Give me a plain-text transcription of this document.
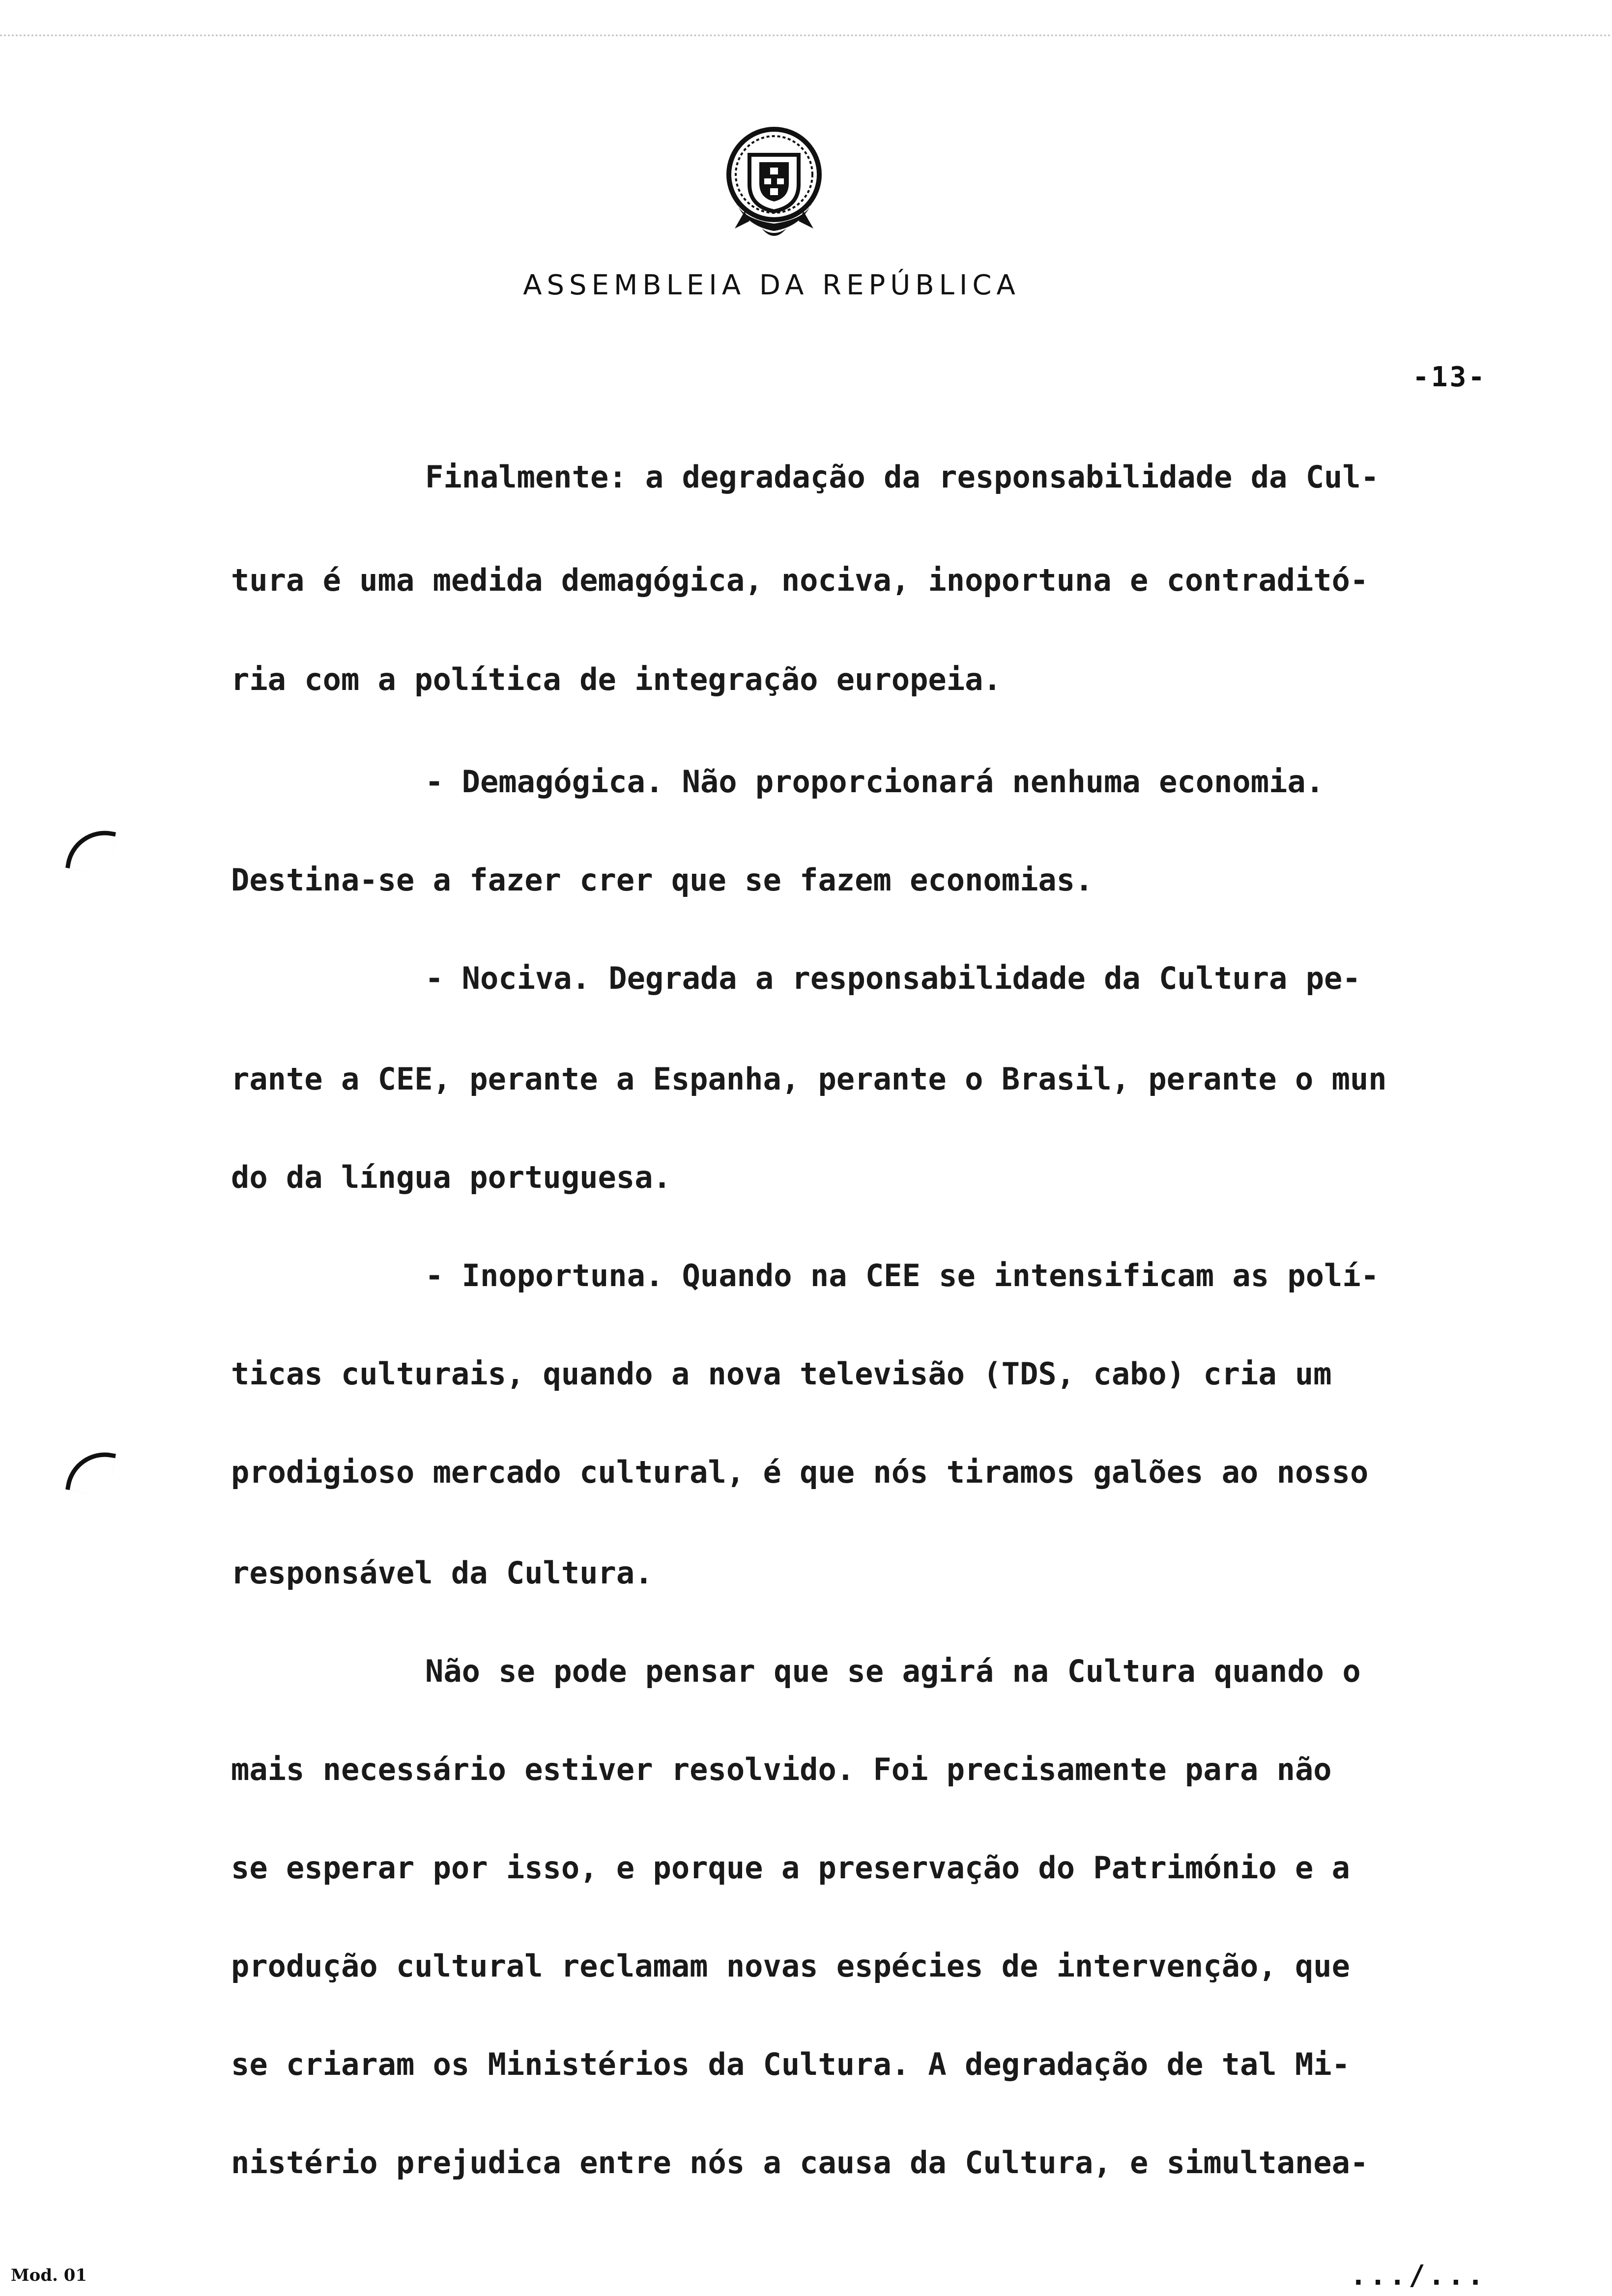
ASSEMBLEIA DA REPÚBLICA
-13-
Finalmente: a degradação da responsabilidade da Cul-
tura é uma medida demagógica, nociva, inoportuna e contraditó-
ria com a política de integração europeia.
- Demagógica. Não proporcionará nenhuma economia.
Destina-se a fazer crer que se fazem economias.
- Nociva. Degrada a responsabilidade da Cultura pe-
rante a CEE, perante a Espanha, perante o Brasil, perante o mun
do da língua portuguesa.
- Inoportuna. Quando na CEE se intensificam as polí-
ticas culturais, quando a nova televisão (TDS, cabo) cria um
prodigioso mercado cultural, é que nós tiramos galões ao nosso
responsável da Cultura.
Não se pode pensar que se agirá na Cultura quando o
mais necessário estiver resolvido. Foi precisamente para não
se esperar por isso, e porque a preservação do Património e a
produção cultural reclamam novas espécies de intervenção, que
se criaram os Ministérios da Cultura. A degradação de tal Mi-
nistério prejudica entre nós a causa da Cultura, e simultanea-
Mod. 01	.../...
